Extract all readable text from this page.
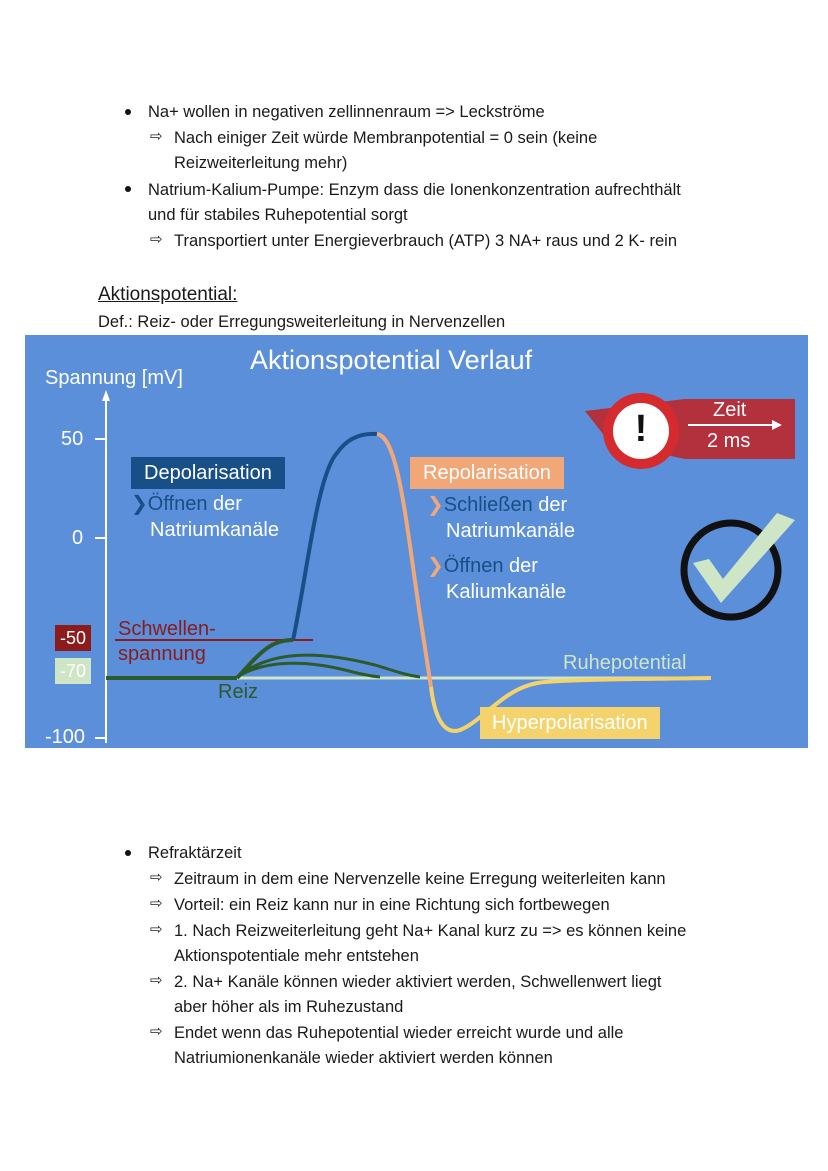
Na+ wollen in negativen zellinnenraum => Leckströme
⇨ Nach einiger Zeit würde Membranpotential = 0 sein (keine
Reizweiterleitung mehr)
Natrium-Kalium-Pumpe: Enzym dass die Ionenkonzentration aufrechthält
und für stabiles Ruhepotential sorgt
⇨ Transportiert unter Energieverbrauch (ATP) 3 NA+ raus und 2 K- rein
Aktionspotential:
Def.: Reiz- oder Erregungsweiterleitung in Nervenzellen
Aktionspotential Verlauf
Spannung [mV]
50
0
-100
-50
-70
Schwellen-
spannung
Reiz
Ruhepotential
Depolarisation
❯Öffnen der
Natriumkanäle
Repolarisation
❯Schließen der
Natriumkanäle
❯Öffnen der
Kaliumkanäle
Hyperpolarisation
Zeit
2 ms
!
Refraktärzeit
⇨ Zeitraum in dem eine Nervenzelle keine Erregung weiterleiten kann
⇨ Vorteil: ein Reiz kann nur in eine Richtung sich fortbewegen
⇨ 1. Nach Reizweiterleitung geht Na+ Kanal kurz zu => es können keine
Aktionspotentiale mehr entstehen
⇨ 2. Na+ Kanäle können wieder aktiviert werden, Schwellenwert liegt
aber höher als im Ruhezustand
⇨ Endet wenn das Ruhepotential wieder erreicht wurde und alle
Natriumionenkanäle wieder aktiviert werden können
